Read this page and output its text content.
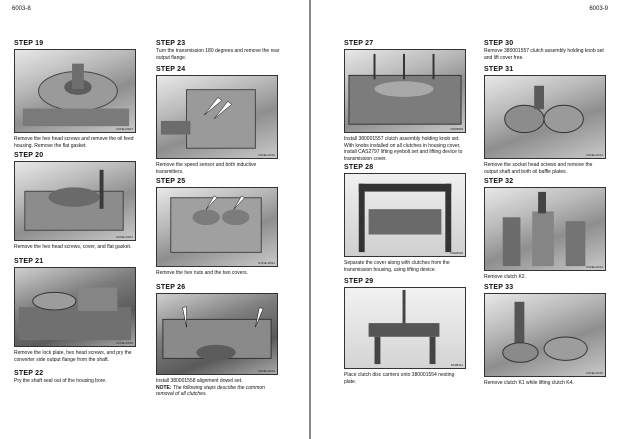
6003-8
STEP 19
CONE-RS07
Remove the hex head screws and remove the oil feed housing. Remove the flat gasket.
STEP 20
CONE-RS07
Remove the hex head screws, cover, and flat gasket.
STEP 21
CONE-RS09
Remove the lock plate, hex head screws, and pry the converter side output flange from the shaft.
STEP 22
Pry the shaft seal out of the housing bore.
STEP 23
Turn the transmission 180 degrees and remove the rear output flange.
STEP 24
CONE-RS10
Remove the speed sensor and both inductive transmitters.
STEP 25
CONE-RS11
Remove the hex nuts and the two covers.
STEP 26
CONE-RS12
Install 380001558 alignment dowel set.
NOTE: The following steps describe the common removal of all clutches.
6003-9
STEP 27
RS08009
Install 380001557 clutch assembly holding knob set. With knobs installed on all clutches in housing cover, install CAS2797 lifting eyebolt set and lifting device to transmission cover.
STEP 28
RS08010
Separate the cover along with clutches from the transmission housing, using lifting device.
STEP 29
RS08011
Place clutch disc carriers onto 380001554 nesting plate.
STEP 30
Remove 380001557 clutch assembly holding knob set and lift cover free.
STEP 31
CONE-RS13
Remove the socket head screws and remove the output shaft and both oil baffle plates.
STEP 32
CONE-RS14
Remove clutch K2.
STEP 33
CONE-RS15
Remove clutch K1 while lifting clutch K4.
